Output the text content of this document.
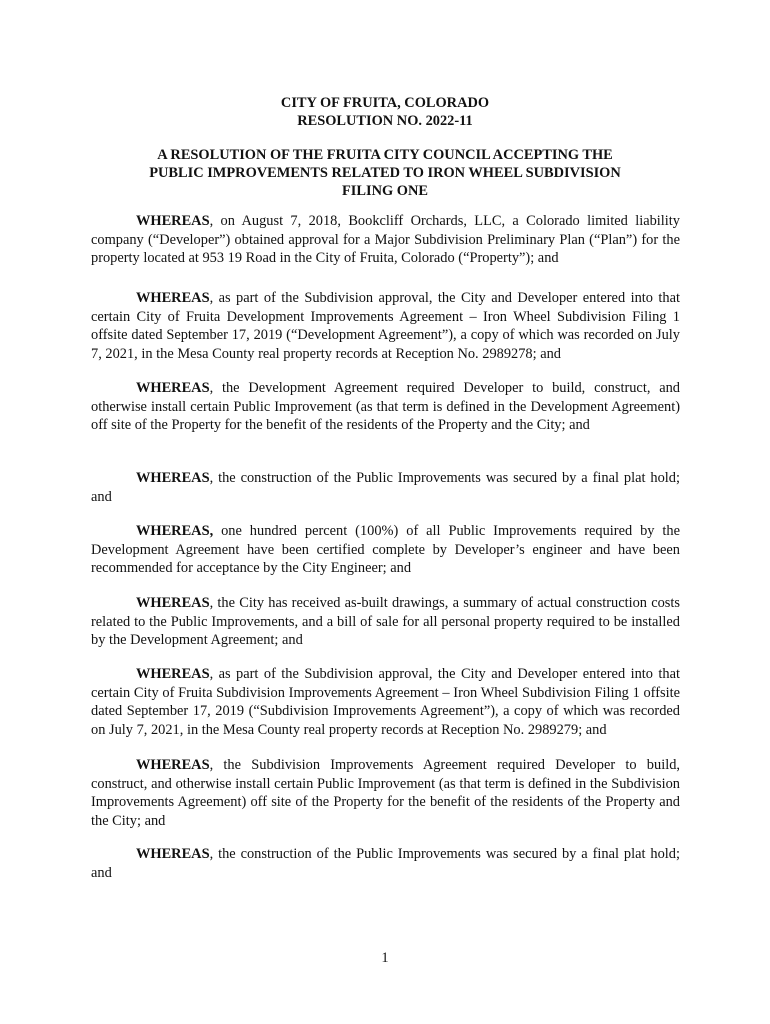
CITY OF FRUITA, COLORADO
RESOLUTION NO. 2022-11
A RESOLUTION OF THE FRUITA CITY COUNCIL ACCEPTING THE
PUBLIC IMPROVEMENTS RELATED TO IRON WHEEL SUBDIVISION
FILING ONE

WHEREAS, on August 7, 2018, Bookcliff Orchards, LLC, a Colorado limited liability company (“Developer”) obtained approval for a Major Subdivision Preliminary Plan (“Plan”) for the property located at 953 19 Road in the City of Fruita, Colorado (“Property”); and

WHEREAS, as part of the Subdivision approval, the City and Developer entered into that certain City of Fruita Development Improvements Agreement – Iron Wheel Subdivision Filing 1 offsite dated September 17, 2019 (“Development Agreement”), a copy of which was recorded on July 7, 2021, in the Mesa County real property records at Reception No. 2989278; and

WHEREAS, the Development Agreement required Developer to build, construct, and otherwise install certain Public Improvement (as that term is defined in the Development Agreement) off site of the Property for the benefit of the residents of the Property and the City; and

WHEREAS, the construction of the Public Improvements was secured by a final plat hold; and

WHEREAS, one hundred percent (100%) of all Public Improvements required by the Development Agreement have been certified complete by Developer’s engineer and have been recommended for acceptance by the City Engineer; and

WHEREAS, the City has received as-built drawings, a summary of actual construction costs related to the Public Improvements, and a bill of sale for all personal property required to be installed by the Development Agreement; and

WHEREAS, as part of the Subdivision approval, the City and Developer entered into that certain City of Fruita Subdivision Improvements Agreement – Iron Wheel Subdivision Filing 1 offsite dated September 17, 2019 (“Subdivision Improvements Agreement”), a copy of which was recorded on July 7, 2021, in the Mesa County real property records at Reception No. 2989279; and

WHEREAS, the Subdivision Improvements Agreement required Developer to build, construct, and otherwise install certain Public Improvement (as that term is defined in the Subdivision Improvements Agreement) off site of the Property for the benefit of the residents of the Property and the City; and

WHEREAS, the construction of the Public Improvements was secured by a final plat hold; and

1
